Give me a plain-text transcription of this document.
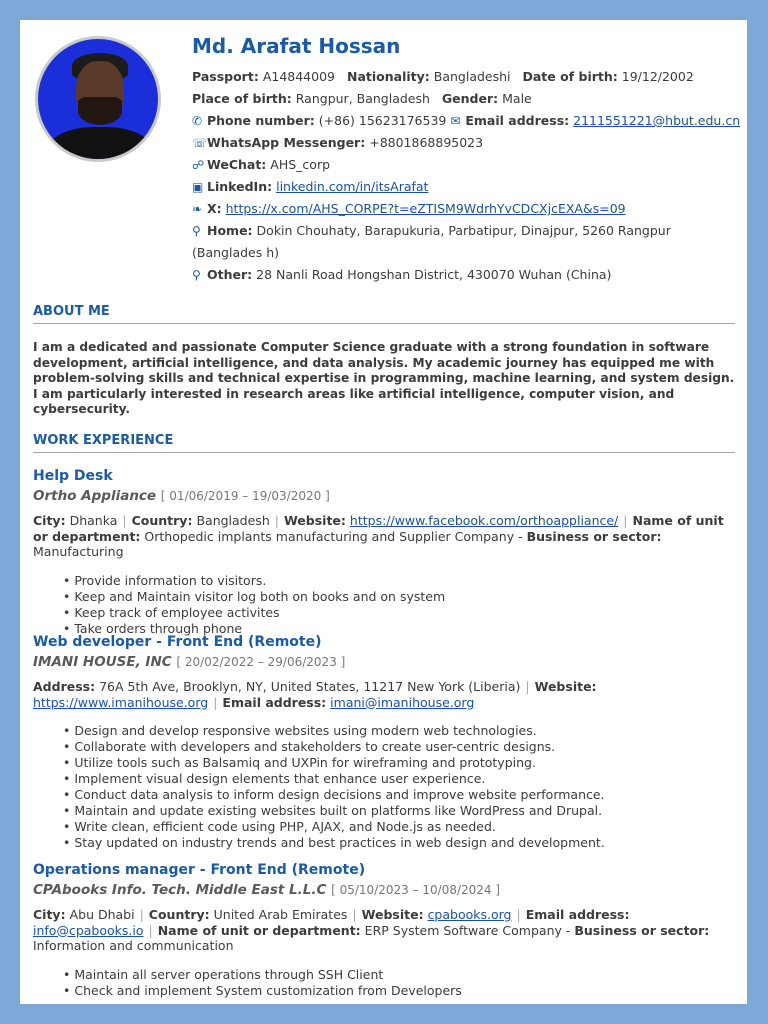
Md. Arafat Hossan
Passport: A14844009 Nationality: Bangladeshi Date of birth: 19/12/2002
Place of birth: Rangpur, Bangladesh Gender: Male
✆ Phone number: (+86) 15623176539 ✉ Email address: 2111551221@hbut.edu.cn
☏WhatsApp Messenger: +8801868895023
☍ WeChat: AHS_corp
▣ LinkedIn: linkedin.com/in/itsArafat
❧ X: https://x.com/AHS_CORPE?t=eZTISM9WdrhYvCDCXjcEXA&s=09
⚲ Home: Dokin Chouhaty, Barapukuria, Parbatipur, Dinajpur, 5260 Rangpur (Banglades h)
⚲ Other: 28 Nanli Road Hongshan District, 430070 Wuhan (China)
ABOUT ME
I am a dedicated and passionate Computer Science graduate with a strong foundation in software development, artificial intelligence, and data analysis. My academic journey has equipped me with problem-solving skills and technical expertise in programming, machine learning, and system design. I am particularly interested in research areas like artificial intelligence, computer vision, and cybersecurity.
WORK EXPERIENCE
Help Desk
Ortho Appliance [ 01/06/2019 – 19/03/2020 ]
City: Dhanka | Country: Bangladesh | Website: https://www.facebook.com/orthoappliance/ | Name of unit or department: Orthopedic implants manufacturing and Supplier Company - Business or sector: Manufacturing
• Provide information to visitors.
• Keep and Maintain visitor log both on books and on system
• Keep track of employee activites
• Take orders through phone
Web developer - Front End (Remote)
IMANI HOUSE, INC [ 20/02/2022 – 29/06/2023 ]
Address: 76A 5th Ave, Brooklyn, NY, United States, 11217 New York (Liberia) | Website: https://www.imanihouse.org | Email address: imani@imanihouse.org
• Design and develop responsive websites using modern web technologies.
• Collaborate with developers and stakeholders to create user-centric designs.
• Utilize tools such as Balsamiq and UXPin for wireframing and prototyping.
• Implement visual design elements that enhance user experience.
• Conduct data analysis to inform design decisions and improve website performance.
• Maintain and update existing websites built on platforms like WordPress and Drupal.
• Write clean, efficient code using PHP, AJAX, and Node.js as needed.
• Stay updated on industry trends and best practices in web design and development.
Operations manager - Front End (Remote)
CPAbooks Info. Tech. Middle East L.L.C [ 05/10/2023 – 10/08/2024 ]
City: Abu Dhabi | Country: United Arab Emirates | Website: cpabooks.org | Email address: info@cpabooks.io | Name of unit or department: ERP System Software Company - Business or sector: Information and communication
• Maintain all server operations through SSH Client
• Check and implement System customization from Developers
